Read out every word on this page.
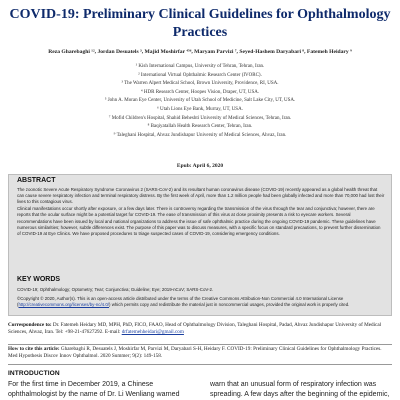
COVID-19: Preliminary Clinical Guidelines for Ophthalmology
Practices
Reza Gharebaghi ¹², Jordan Desuatels ³, Majid Moshirfar ⁴⁵⁶, Maryam Parvizi ⁷, Seyed-Hashem Daryabari ⁸, Fatemeh Heidary ⁹
¹ Kish International Campus, University of Tehran, Tehran, Iran.
² International Virtual Ophthalmic Research Center (IVORC).
³ The Warren Alpert Medical School, Brown University, Providence, RI, USA.
⁴ HDR Research Center, Hoopes Vision, Draper, UT, USA.
⁵ John A. Moran Eye Center, University of Utah School of Medicine, Salt Lake City, UT, USA.
⁶ Utah Lions Eye Bank, Murray, UT, USA.
⁷ Mofid Children's Hospital, Shahid Beheshti University of Medical Sciences, Tehran, Iran.
⁸ Baqiyatallah Health Research Center, Tehran, Iran.
⁹ Taleghani Hospital, Ahvaz Jundishapur University of Medical Sciences, Ahvaz, Iran.
Epub: April 6, 2020
ABSTRACT

The zoonotic Severe Acute Respiratory Syndrome Coronavirus 2 (SARS-CoV-2) and its resultant human coronavirus disease (COVID-19) recently appeared as a global health threat that can cause severe respiratory infection and terminal respiratory distress. By the first week of April, more than 1.2 million people had been globally infected and more than 70,000 had lost their lives to this contagious virus.

Clinical manifestations occur shortly after exposure, or a few days later. There is controversy regarding the transmission of the virus through the tear and conjunctiva; however, there are reports that the ocular surface might be a potential target for COVID-19. The ease of transmission of this virus at close proximity presents a risk to eyecare workers. Several recommendations have been issued by local and national organizations to address the issue of safe ophthalmic practice during the ongoing COVID-19 pandemic. These guidelines have numerous similarities; however, subtle differences exist. The purpose of this paper was to discuss measures, with a specific focus on standard precautions, to prevent further dissemination of COVID-19 at Eye Clinics. We have proposed procedures to triage suspected cases of COVID-19, considering emergency conditions.

KEY WORDS
COVID-19; Ophthalmology; Optometry; Tear; Conjunctiva; Guideline; Eye; 2019-nCoV; SARS-CoV-2.
©Copyright © 2020, Author(s). This is an open-access article distributed under the terms of the Creative Commons Attribution-Non Commercial 4.0 International License (http://creativecommons.org/licenses/by-nc/4.0/) which permits copy and redistribute the material just in noncommercial usages, provided the original work is properly cited.
Correspondence to: Dr. Fatemeh Heidary MD, MPH, PhD, FICO, FAAO, Head of Ophthalmology Division, Taleghani Hospital, Padad, Ahvaz Jundishapur University of Medical Sciences, Ahvaz, Iran. Tel: +98-21-47627292. E-mail: drfatemehheidari@gmail.com
How to cite this article: Gharebaghi R, Desuatels J, Moshirfar M, Parvizi M, Daryabari S-H, Heidary F. COVID-19: Preliminary Clinical Guidelines for Ophthalmology Practices. Med Hypothesis Discov Innov Ophthalmol. 2020 Summer; 9(2): 149-158.
INTRODUCTION
For the first time in December 2019, a Chinese
ophthalmologist by the name of Dr. Li Wenliang warned
warn that an unusual form of respiratory infection was
spreading. A few days after the beginning of the epidemic,
